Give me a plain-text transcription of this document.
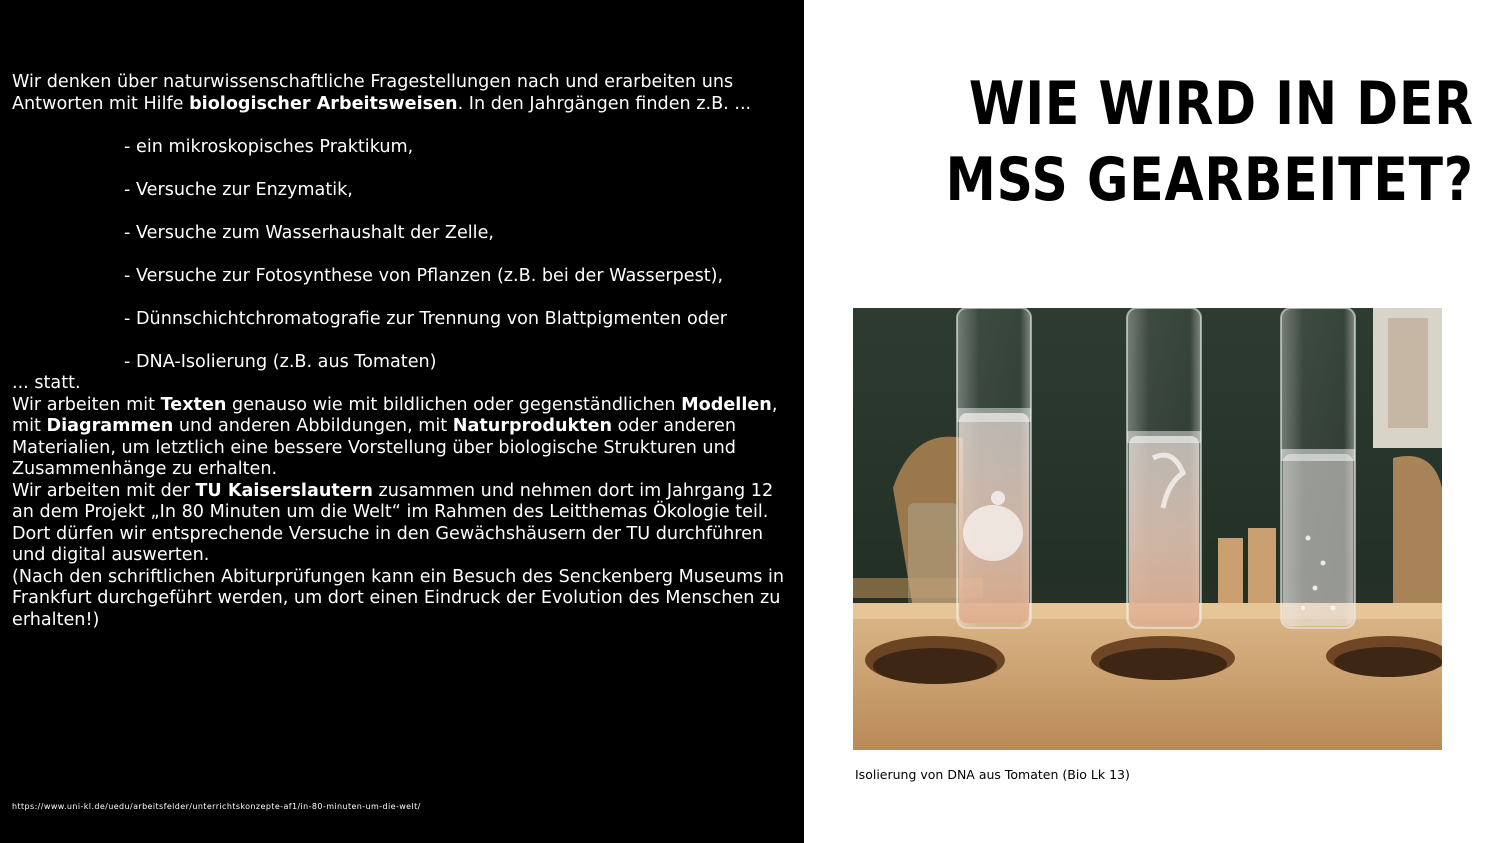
Wir denken über naturwissenschaftliche Fragestellungen nach und erarbeiten uns Antworten mit Hilfe biologischer Arbeitsweisen. In den Jahrgängen finden z.B. ...

- ein mikroskopisches Praktikum,
- Versuche zur Enzymatik,
- Versuche zum Wasserhaushalt der Zelle,
- Versuche zur Fotosynthese von Pflanzen (z.B. bei der Wasserpest),
- Dünnschichtchromatografie zur Trennung von Blattpigmenten oder
- DNA-Isolierung (z.B. aus Tomaten)

... statt.

Wir arbeiten mit Texten genauso wie mit bildlichen oder gegenständlichen Modellen, mit Diagrammen und anderen Abbildungen, mit Naturprodukten oder anderen Materialien, um letztlich eine bessere Vorstellung über biologische Strukturen und Zusammenhänge zu erhalten.

Wir arbeiten mit der TU Kaiserslautern zusammen und nehmen dort im Jahrgang 12 an dem Projekt „In 80 Minuten um die Welt“ im Rahmen des Leitthemas Ökologie teil. Dort dürfen wir entsprechende Versuche in den Gewächshäusern der TU durchführen und digital auswerten.

(Nach den schriftlichen Abiturprüfungen kann ein Besuch des Senckenberg Museums in Frankfurt durchgeführt werden, um dort einen Eindruck der Evolution des Menschen zu erhalten!)

https://www.uni-kl.de/uedu/arbeitsfelder/unterrichtskonzepte-af1/in-80-minuten-um-die-welt/
WIE WIRD IN DER
MSS GEARBEITET?
Isolierung von DNA aus Tomaten (Bio Lk 13)
